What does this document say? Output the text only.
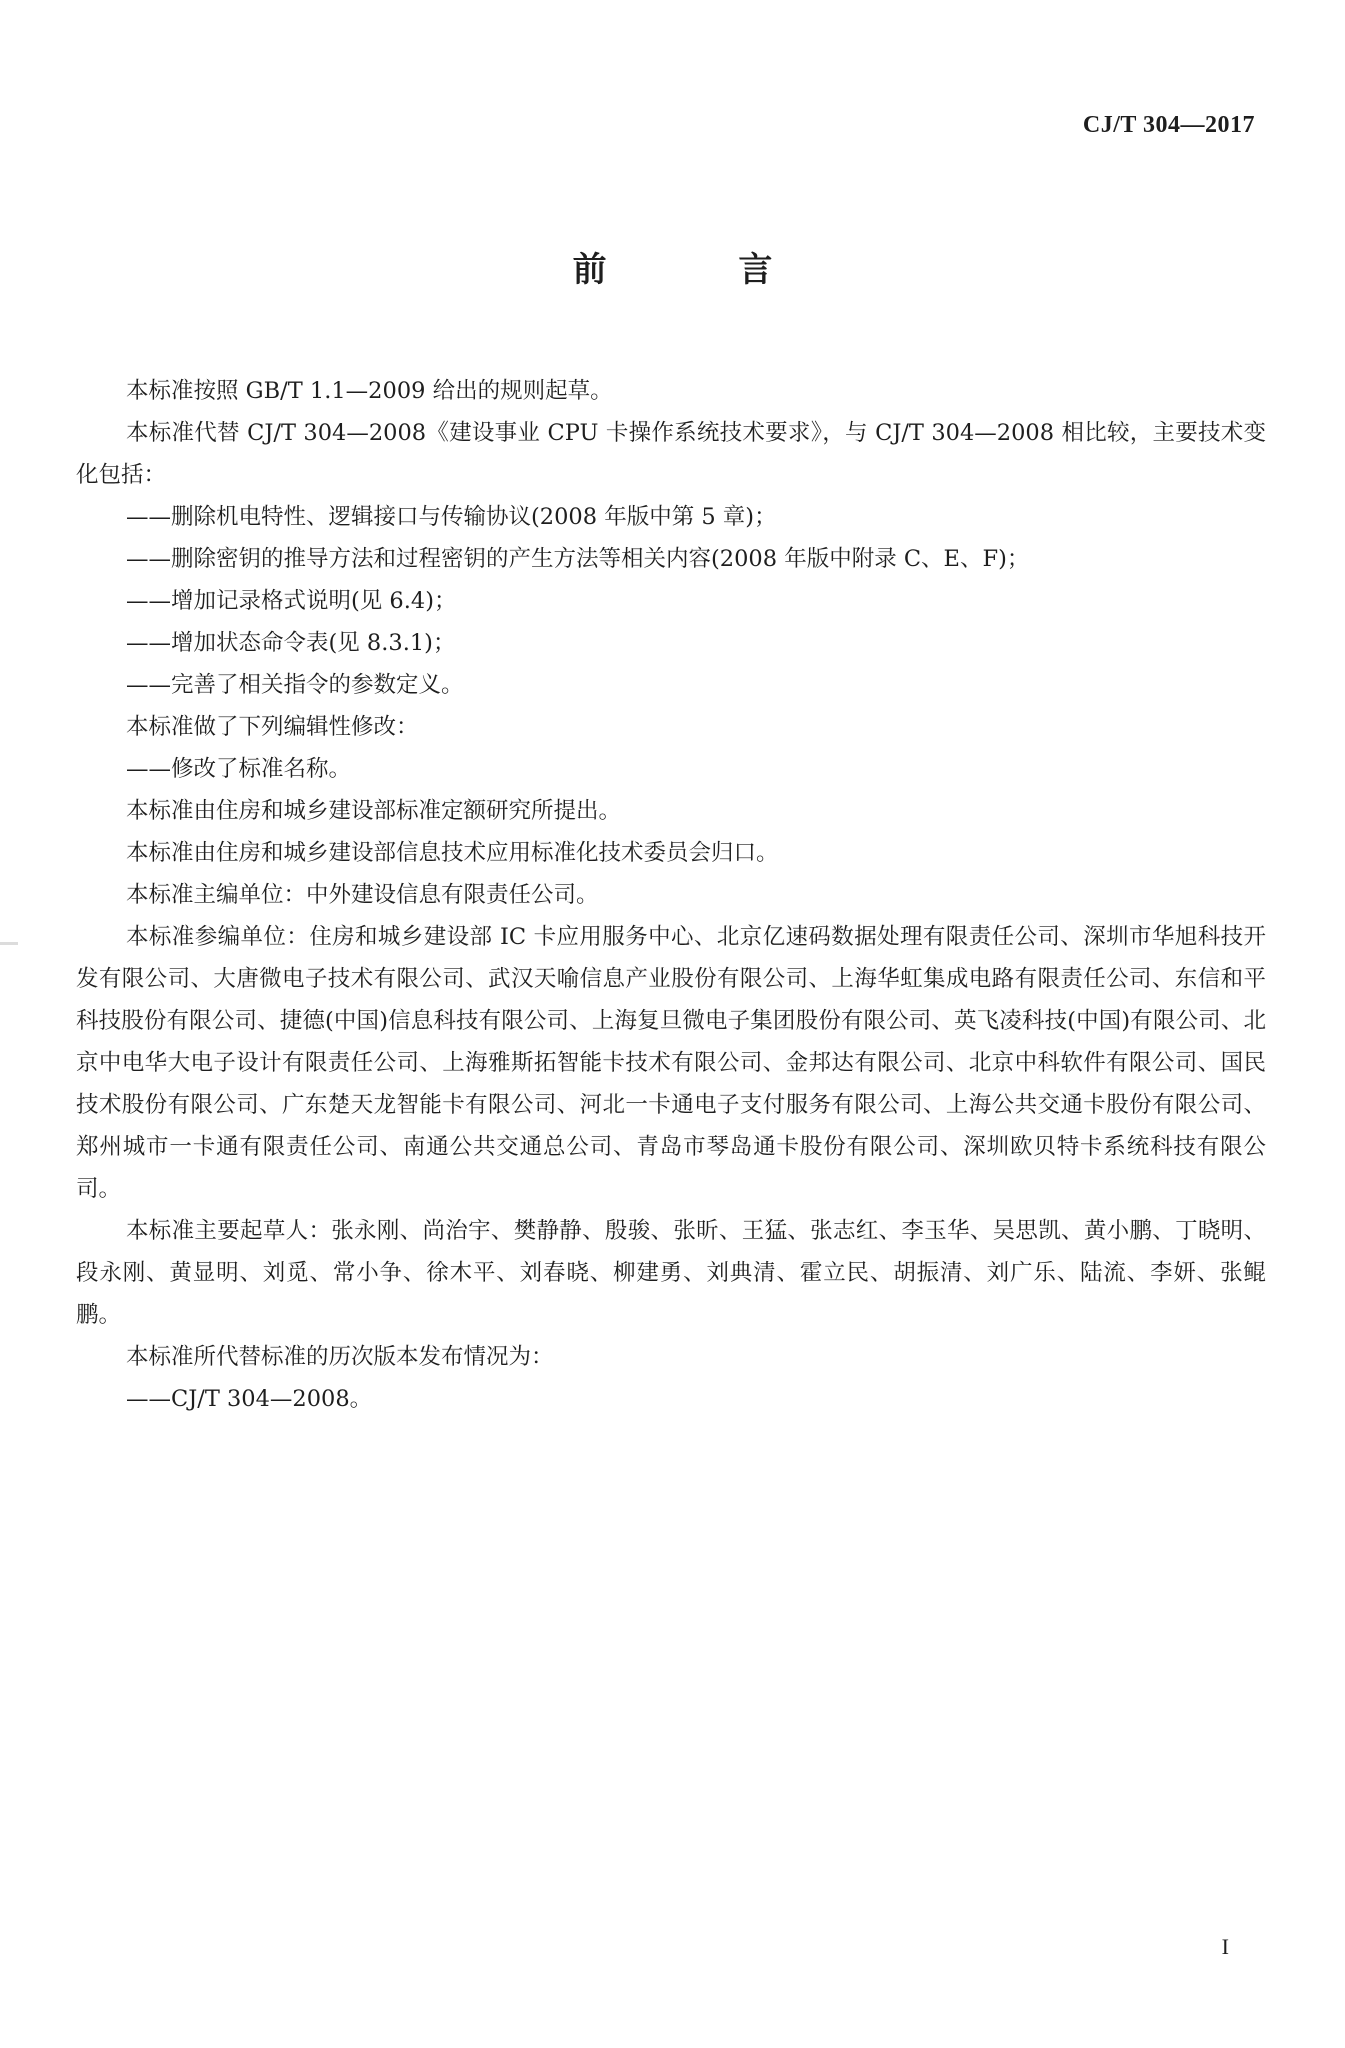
CJ/T 304—2017
前 言

本标准按照 GB/T 1.1—2009 给出的规则起草。

本标准代替 CJ/T 304—2008《建设事业 CPU 卡操作系统技术要求》，与 CJ/T 304—2008 相比较，主要技术变化包括：

——删除机电特性、逻辑接口与传输协议(2008 年版中第 5 章)；

——删除密钥的推导方法和过程密钥的产生方法等相关内容(2008 年版中附录 C、E、F)；

——增加记录格式说明(见 6.4)；

——增加状态命令表(见 8.3.1)；

——完善了相关指令的参数定义。

本标准做了下列编辑性修改：

——修改了标准名称。

本标准由住房和城乡建设部标准定额研究所提出。

本标准由住房和城乡建设部信息技术应用标准化技术委员会归口。

本标准主编单位：中外建设信息有限责任公司。

本标准参编单位：住房和城乡建设部 IC 卡应用服务中心、北京亿速码数据处理有限责任公司、深圳市华旭科技开发有限公司、大唐微电子技术有限公司、武汉天喻信息产业股份有限公司、上海华虹集成电路有限责任公司、东信和平科技股份有限公司、捷德(中国)信息科技有限公司、上海复旦微电子集团股份有限公司、英飞凌科技(中国)有限公司、北京中电华大电子设计有限责任公司、上海雅斯拓智能卡技术有限公司、金邦达有限公司、北京中科软件有限公司、国民技术股份有限公司、广东楚天龙智能卡有限公司、河北一卡通电子支付服务有限公司、上海公共交通卡股份有限公司、郑州城市一卡通有限责任公司、南通公共交通总公司、青岛市琴岛通卡股份有限公司、深圳欧贝特卡系统科技有限公司。

本标准主要起草人：张永刚、尚治宇、樊静静、殷骏、张昕、王猛、张志红、李玉华、吴思凯、黄小鹏、丁晓明、段永刚、黄显明、刘觅、常小争、徐木平、刘春晓、柳建勇、刘典清、霍立民、胡振清、刘广乐、陆流、李妍、张鲲鹏。

本标准所代替标准的历次版本发布情况为：

——CJ/T 304—2008。

I
